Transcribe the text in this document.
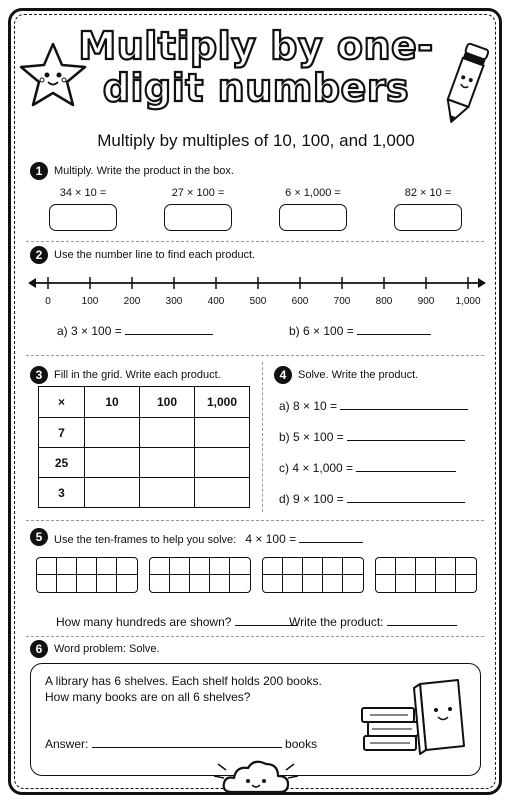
Multiply by one-
digit numbers
Multiply by multiples of 10, 100, and 1,000
1	Multiply. Write the product in the box.
34 × 10 =	27 × 100 =	6 × 1,000 =	82 × 10 =
2	Use the number line to find each product.
0	100	200	300	400	500	600	700	800	900	1,000
a) 3 × 100 =	b) 6 × 100 =
3	Fill in the grid. Write each product.
×	10	100	1,000
7			
25			
3			
4	Solve. Write the product.
a) 8 × 10 =
b) 5 × 100 =
c) 4 × 1,000 =
d) 9 × 100 =
5	Use the ten-frames to help you solve: 4 × 100 =
How many hundreds are shown?	Write the product:
6	Word problem: Solve.
A library has 6 shelves. Each shelf holds 200 books.
How many books are on all 6 shelves?
Answer:	books
